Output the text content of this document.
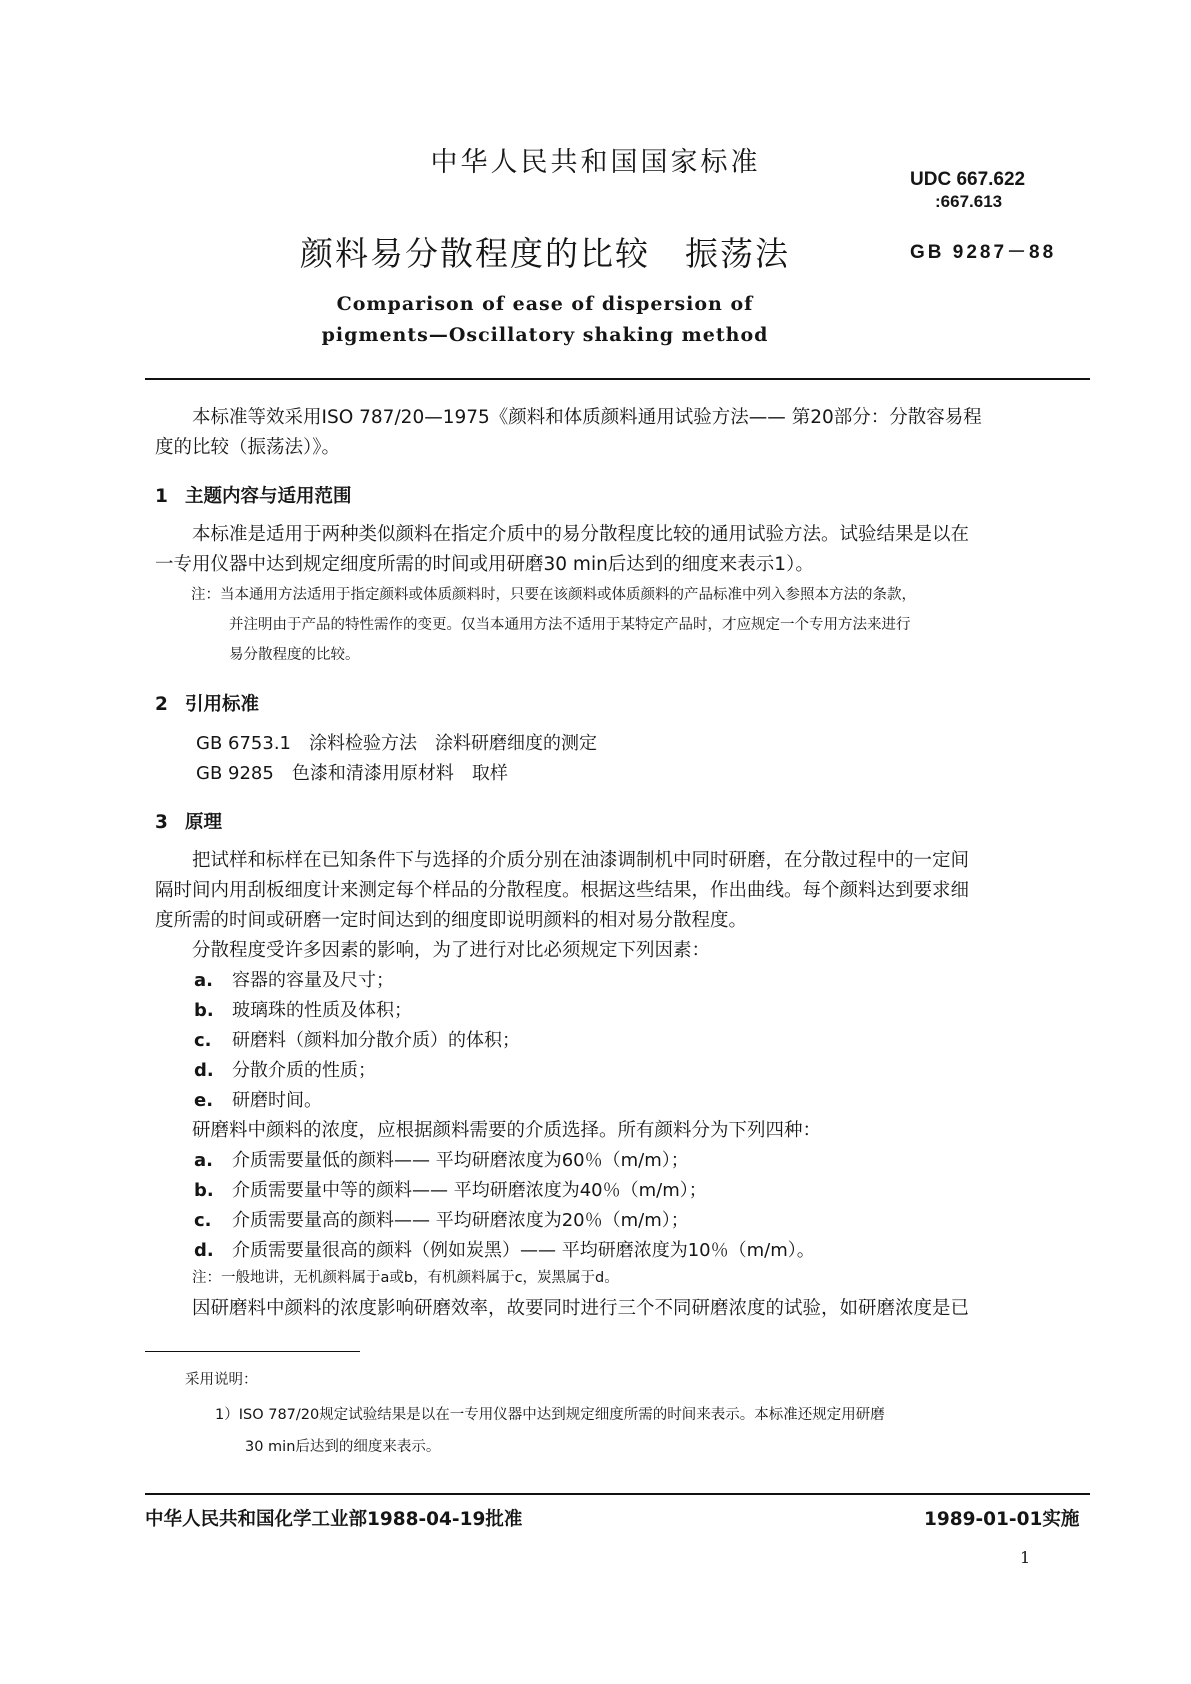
中华人民共和国国家标准
UDC 667.622
:667.613
GB 9287－88
颜料易分散程度的比较　振荡法
Comparison of ease of dispersion of
pigments—Oscillatory shaking method
本标准等效采用ISO 787/20—1975《颜料和体质颜料通用试验方法—— 第20部分：分散容易程
度的比较（振荡法）》。
1 主题内容与适用范围
本标准是适用于两种类似颜料在指定介质中的易分散程度比较的通用试验方法。试验结果是以在
一专用仪器中达到规定细度所需的时间或用研磨30 min后达到的细度来表示1）。
注：当本通用方法适用于指定颜料或体质颜料时，只要在该颜料或体质颜料的产品标准中列入参照本方法的条款，
并注明由于产品的特性需作的变更。仅当本通用方法不适用于某特定产品时，才应规定一个专用方法来进行
易分散程度的比较。
2 引用标准
GB 6753.1　涂料检验方法　涂料研磨细度的测定
GB 9285　色漆和清漆用原材料　取样
3 原理
把试样和标样在已知条件下与选择的介质分别在油漆调制机中同时研磨，在分散过程中的一定间
隔时间内用刮板细度计来测定每个样品的分散程度。根据这些结果，作出曲线。每个颜料达到要求细
度所需的时间或研磨一定时间达到的细度即说明颜料的相对易分散程度。
分散程度受许多因素的影响，为了进行对比必须规定下列因素：
a. 容器的容量及尺寸；
b. 玻璃珠的性质及体积；
c. 研磨料（颜料加分散介质）的体积；
d. 分散介质的性质；
e. 研磨时间。
研磨料中颜料的浓度，应根据颜料需要的介质选择。所有颜料分为下列四种：
a. 介质需要量低的颜料—— 平均研磨浓度为60％（m/m）；
b. 介质需要量中等的颜料—— 平均研磨浓度为40％（m/m）；
c. 介质需要量高的颜料—— 平均研磨浓度为20％（m/m）；
d. 介质需要量很高的颜料（例如炭黑）—— 平均研磨浓度为10％（m/m）。
注：一般地讲，无机颜料属于a或b，有机颜料属于c，炭黑属于d。
因研磨料中颜料的浓度影响研磨效率，故要同时进行三个不同研磨浓度的试验，如研磨浓度是已
采用说明：
1）ISO 787/20规定试验结果是以在一专用仪器中达到规定细度所需的时间来表示。本标准还规定用研磨
30 min后达到的细度来表示。
中华人民共和国化学工业部1988-04-19批准	1989-01-01实施
1
